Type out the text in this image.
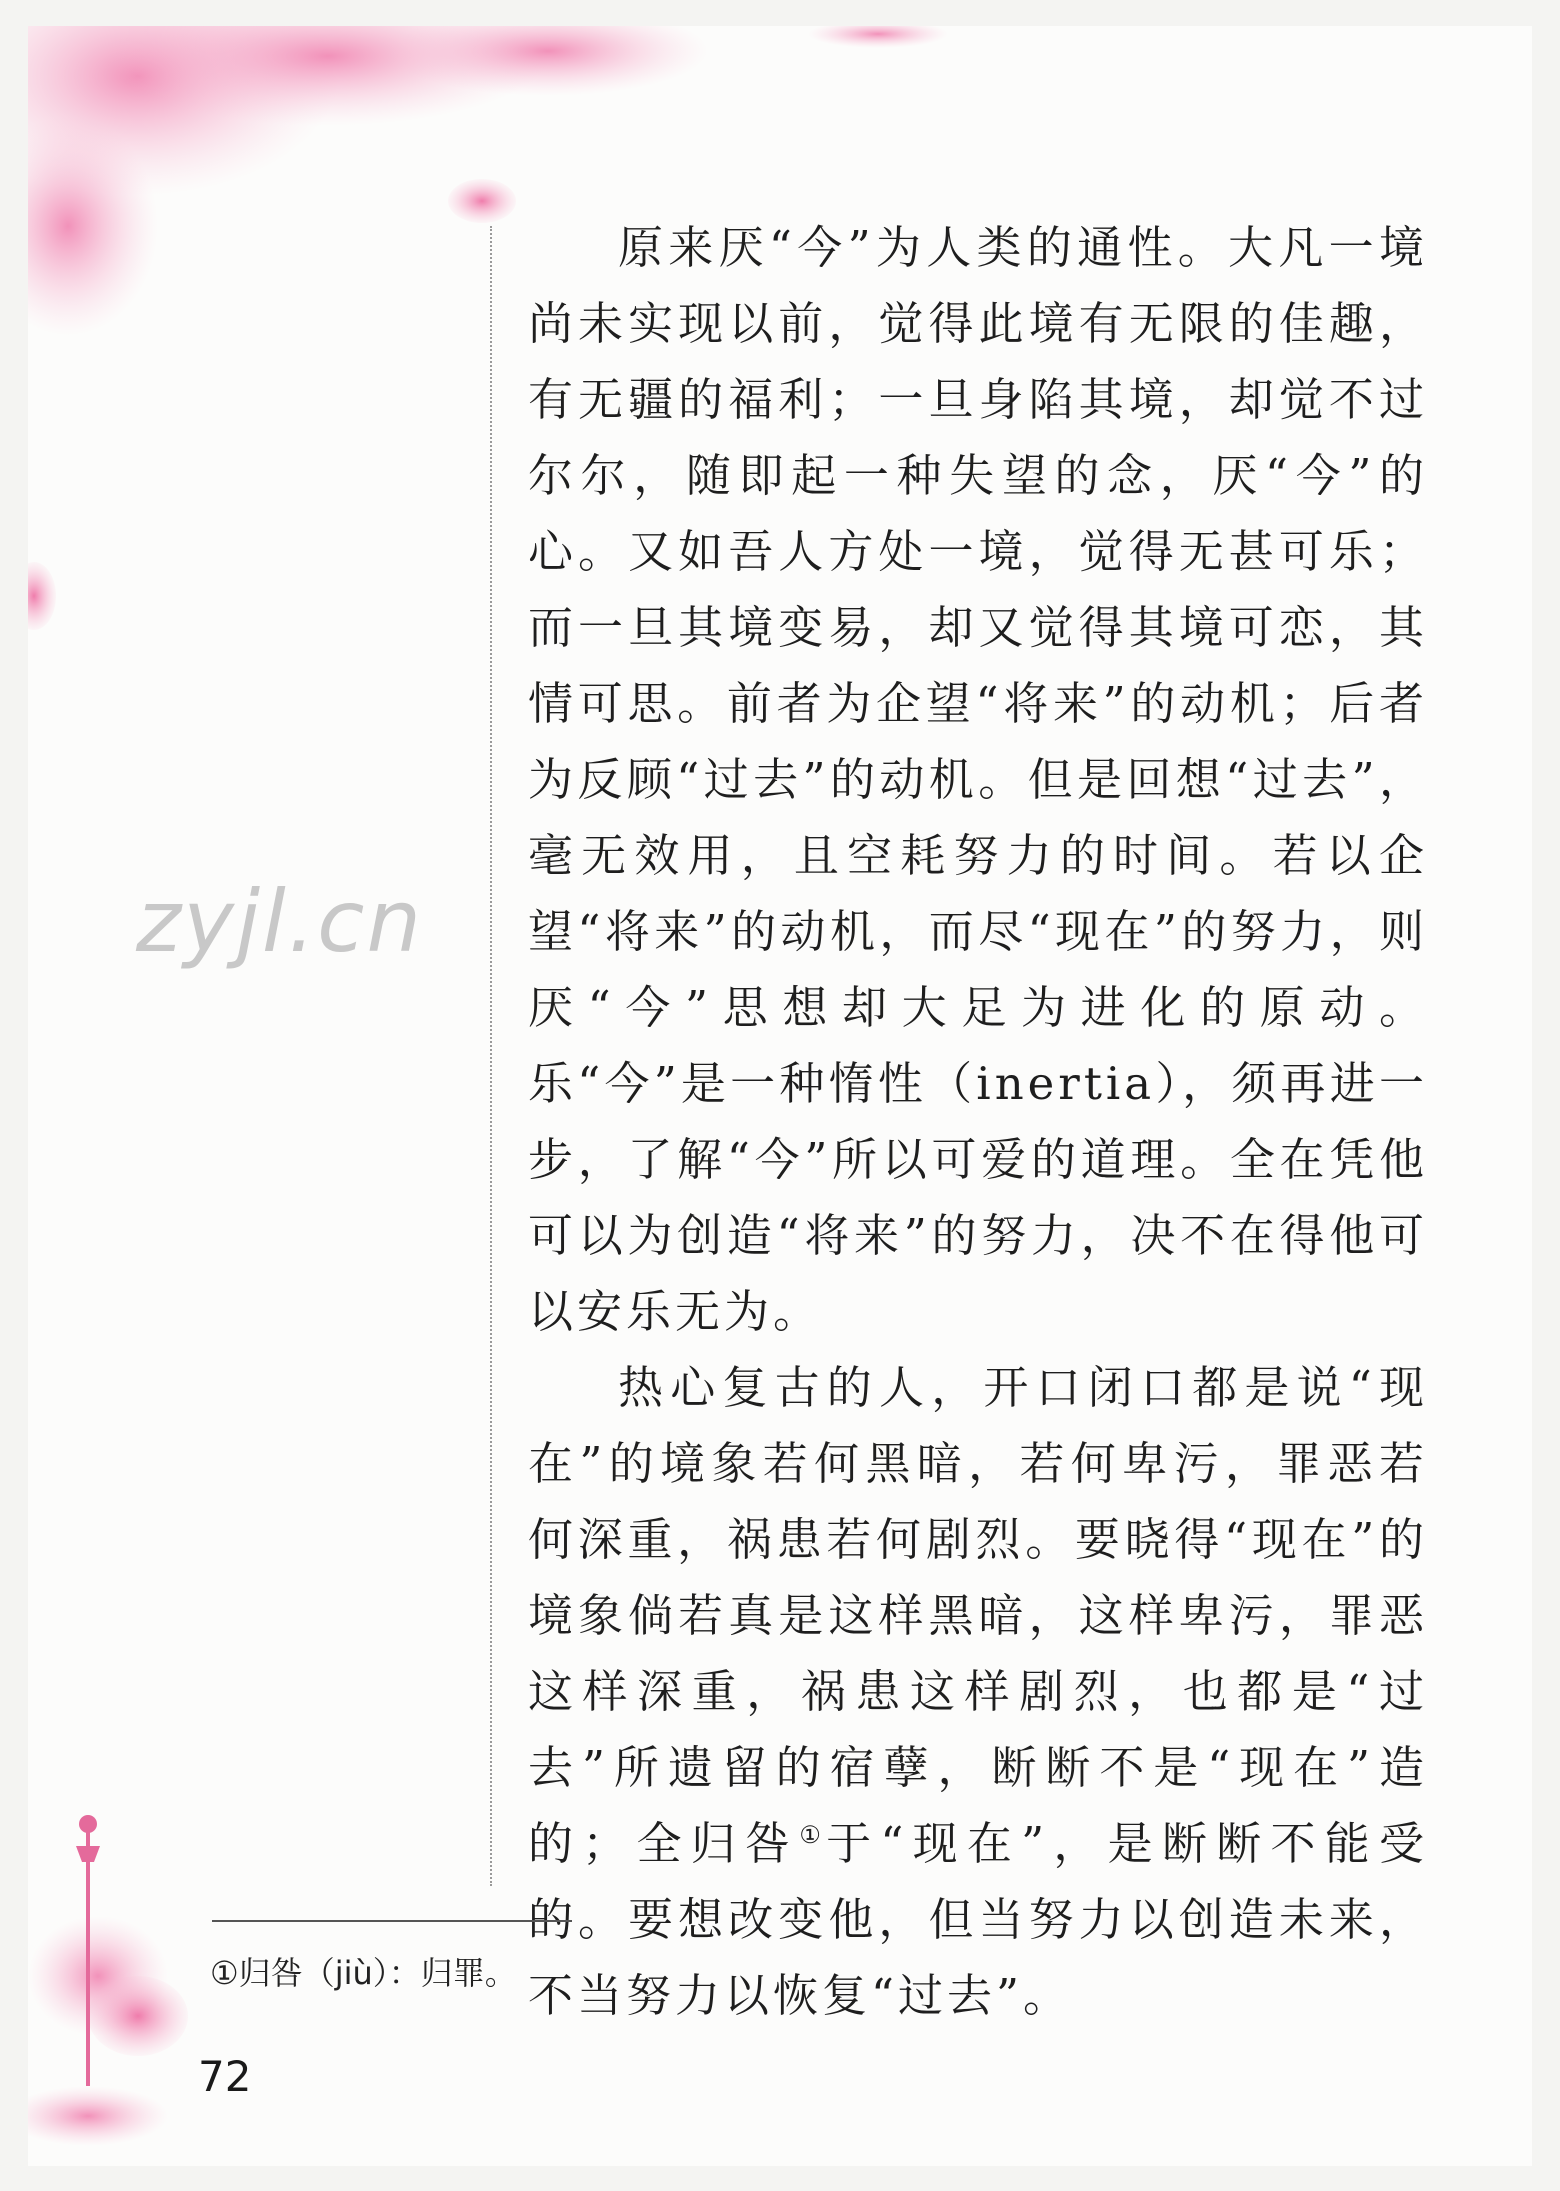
zyjl.cn

原来厌“今”为人类的通性。大凡一境尚未实现以前，觉得此境有无限的佳趣，有无疆的福利；一旦身陷其境，却觉不过尔尔，随即起一种失望的念，厌“今”的心。又如吾人方处一境，觉得无甚可乐；而一旦其境变易，却又觉得其境可恋，其情可思。前者为企望“将来”的动机；后者为反顾“过去”的动机。但是回想“过去”，毫无效用，且空耗努力的时间。若以企望“将来”的动机，而尽“现在”的努力，则厌“今”思想却大足为进化的原动。乐“今”是一种惰性（inertia），须再进一步，了解“今”所以可爱的道理。全在凭他可以为创造“将来”的努力，决不在得他可以安乐无为。

热心复古的人，开口闭口都是说“现在”的境象若何黑暗，若何卑污，罪恶若何深重，祸患若何剧烈。要晓得“现在”的境象倘若真是这样黑暗，这样卑污，罪恶这样深重，祸患这样剧烈，也都是“过去”所遗留的宿孽，断断不是“现在”造的；全归咎①于“现在”，是断断不能受的。要想改变他，但当努力以创造未来，不当努力以恢复“过去”。

①归咎（jiù）：归罪。
72
